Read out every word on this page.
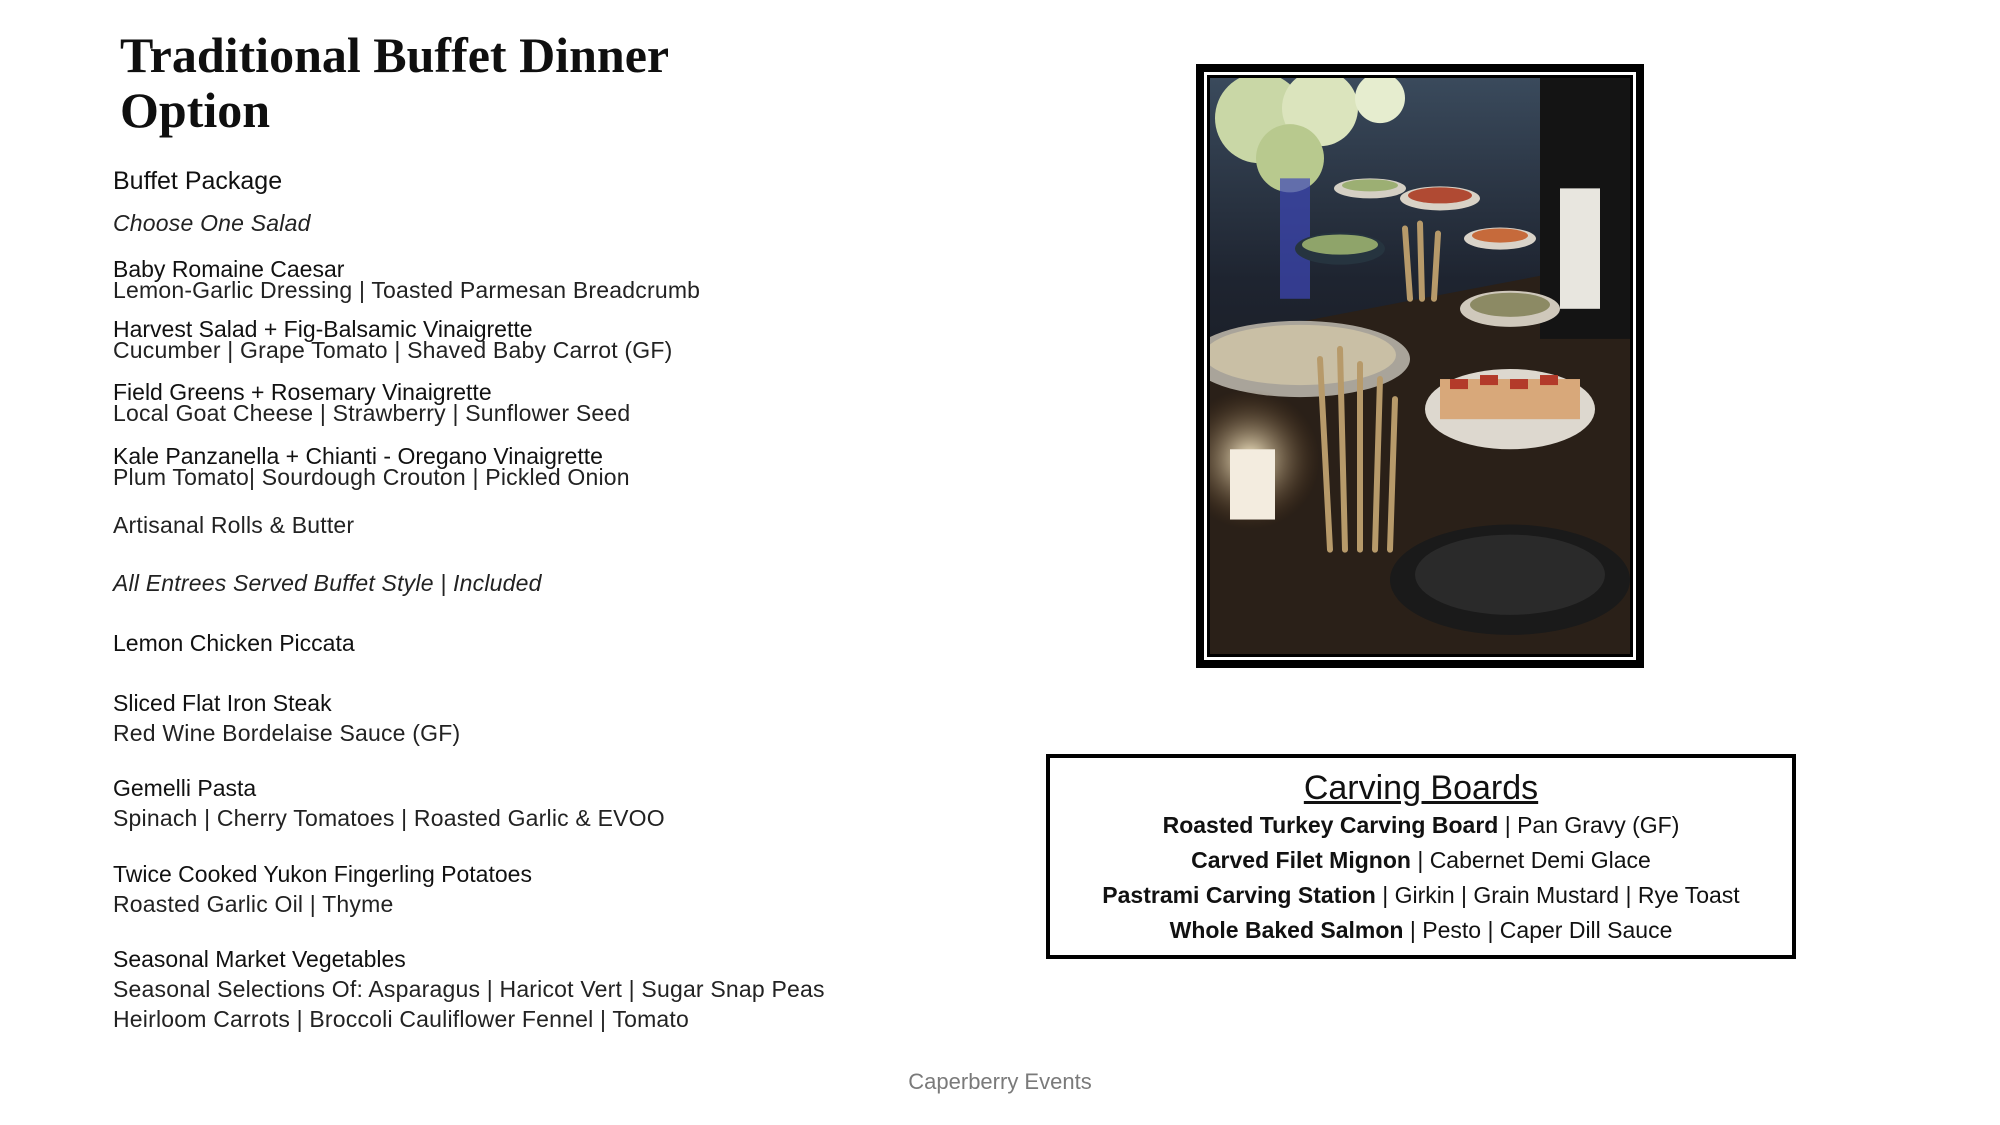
Traditional Buffet Dinner
Option
Buffet Package
Choose One Salad
Baby Romaine Caesar
Lemon-Garlic Dressing | Toasted Parmesan Breadcrumb
Harvest Salad + Fig-Balsamic Vinaigrette
Cucumber | Grape Tomato | Shaved Baby Carrot (GF)
Field Greens + Rosemary Vinaigrette
Local Goat Cheese | Strawberry | Sunflower Seed
Kale Panzanella + Chianti - Oregano Vinaigrette
Plum Tomato| Sourdough Crouton | Pickled Onion
Artisanal Rolls & Butter
All Entrees Served Buffet Style | Included
Lemon Chicken Piccata
Sliced Flat Iron Steak
Red Wine Bordelaise Sauce (GF)
Gemelli Pasta
Spinach | Cherry Tomatoes | Roasted Garlic & EVOO
Twice Cooked Yukon Fingerling Potatoes
Roasted Garlic Oil | Thyme
Seasonal Market Vegetables
Seasonal Selections Of: Asparagus | Haricot Vert | Sugar Snap Peas
Heirloom Carrots | Broccoli Cauliflower Fennel | Tomato
Carving Boards
Roasted Turkey Carving Board | Pan Gravy (GF)
Carved Filet Mignon | Cabernet Demi Glace
Pastrami Carving Station | Girkin | Grain Mustard | Rye Toast
Whole Baked Salmon | Pesto | Caper Dill Sauce
Caperberry Events
